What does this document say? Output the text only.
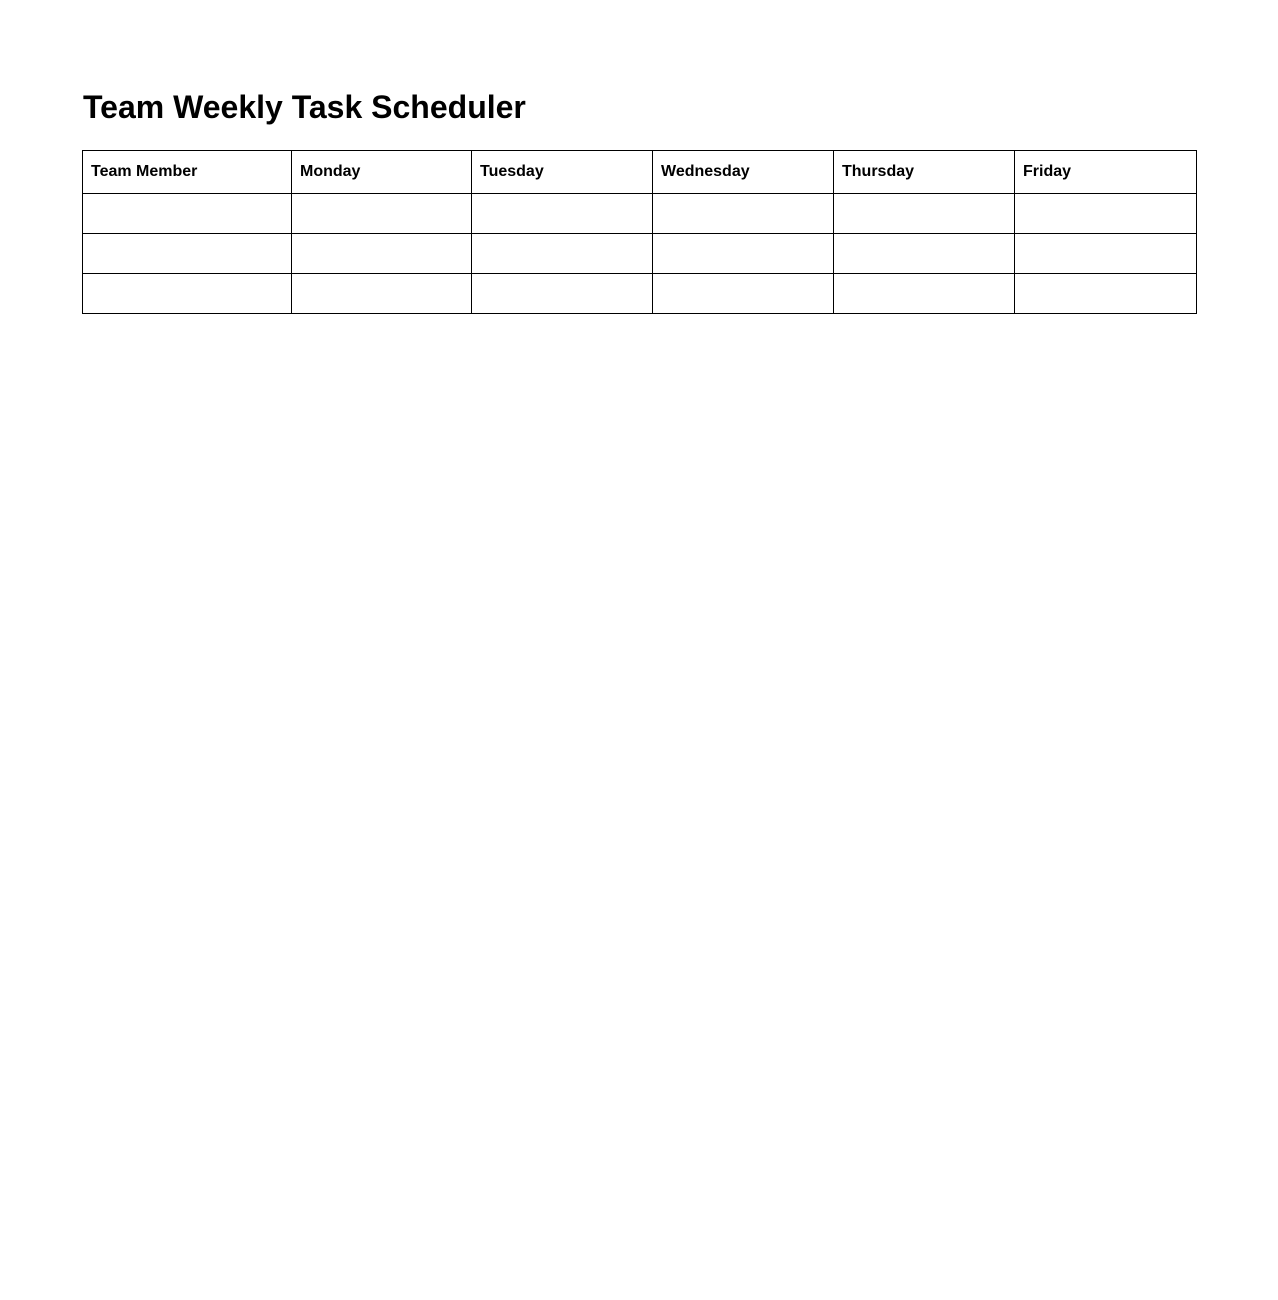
Team Weekly Task Scheduler
Team Member	Monday	Tuesday	Wednesday	Thursday	Friday
